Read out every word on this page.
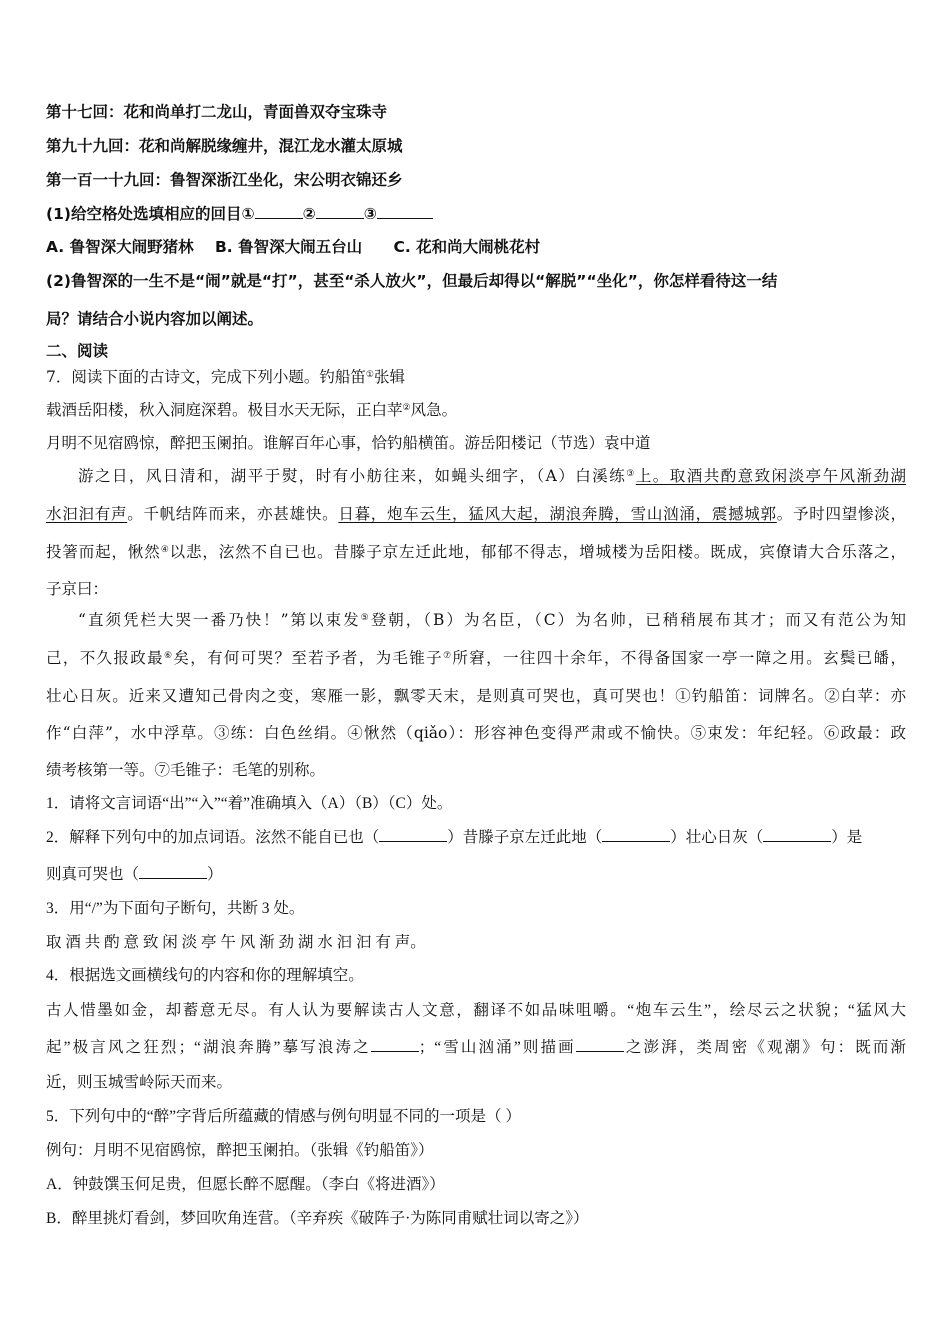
第十七回：花和尚单打二龙山，青面兽双夺宝珠寺
第九十九回：花和尚解脱缘缠井，混江龙水灌太原城
第一百一十九回：鲁智深浙江坐化，宋公明衣锦还乡
(1)给空格处选填相应的回目①	②	③
A. 鲁智深大闹野猪林 B. 鲁智深大闹五台山 C. 花和尚大闹桃花村
(2)鲁智深的一生不是“闹”就是“打”，甚至“杀人放火”，但最后却得以“解脱”“坐化”，你怎样看待这一结
局？请结合小说内容加以阐述。
二、阅读
7．阅读下面的古诗文，完成下列小题。钓船笛①张辑
载酒岳阳楼，秋入洞庭深碧。极目水天无际，正白苹②风急。
月明不见宿鸥惊，醉把玉阑拍。谁解百年心事，恰钓船横笛。游岳阳楼记（节选）袁中道
游之日，风日清和，湖平于熨，时有小舫往来，如蝇头细字，（A）白溪练③上。取酒共酌意致闲淡亭午风渐劲湖
水汩汩有声。千帆结阵而来，亦甚雄快。日暮，炮车云生，猛风大起，湖浪奔腾，雪山汹涌，震撼城郭。予时四望惨淡，
投箸而起，愀然④以悲，泫然不自已也。昔滕子京左迁此地，郁郁不得志，增城楼为岳阳楼。既成，宾僚请大合乐落之，
子京曰：
“直须凭栏大哭一番乃快！”第以束发⑤登朝，（B）为名臣，（C）为名帅，已稍稍展布其才；而又有范公为知
己，不久报政最⑥矣，有何可哭？至若予者，为毛锥子⑦所窘，一往四十余年，不得备国家一亭一障之用。玄鬓已皤，
壮心日灰。近来又遭知己骨肉之变，寒雁一影，飘零天末，是则真可哭也，真可哭也！①钓船笛：词牌名。②白苹：亦
作“白萍”，水中浮草。③练：白色丝绢。④愀然（qiǎo）：形容神色变得严肃或不愉快。⑤束发：年纪轻。⑥政最：政
绩考核第一等。⑦毛锥子：毛笔的别称。
1．请将文言词语“出”“入”“着”准确填入（A）（B）（C）处。
2．解释下列句中的加点词语。泫然不能自已也（	）昔滕子京左迁此地（	）壮心日灰（	）是
则真可哭也（	）
3．用“/”为下面句子断句，共断 3 处。
取 酒 共 酌 意 致 闲 淡 亭 午 风 渐 劲 湖 水 汩 汩 有 声。
4．根据选文画横线句的内容和你的理解填空。
古人惜墨如金，却蓄意无尽。有人认为要解读古人文意，翻译不如品味咀嚼。“炮车云生”，绘尽云之状貌；“猛风大
起”极言风之狂烈；“湖浪奔腾”摹写浪涛之	；“雪山汹涌”则描画	之澎湃，类周密《观潮》句：既而渐
近，则玉城雪岭际天而来。
5．下列句中的“醉”字背后所蕴藏的情感与例句明显不同的一项是（ ）
例句：月明不见宿鸥惊，醉把玉阑拍。（张辑《钓船笛》）
A．钟鼓馔玉何足贵，但愿长醉不愿醒。（李白《将进酒》）
B．醉里挑灯看剑，梦回吹角连营。（辛弃疾《破阵子·为陈同甫赋壮词以寄之》）
